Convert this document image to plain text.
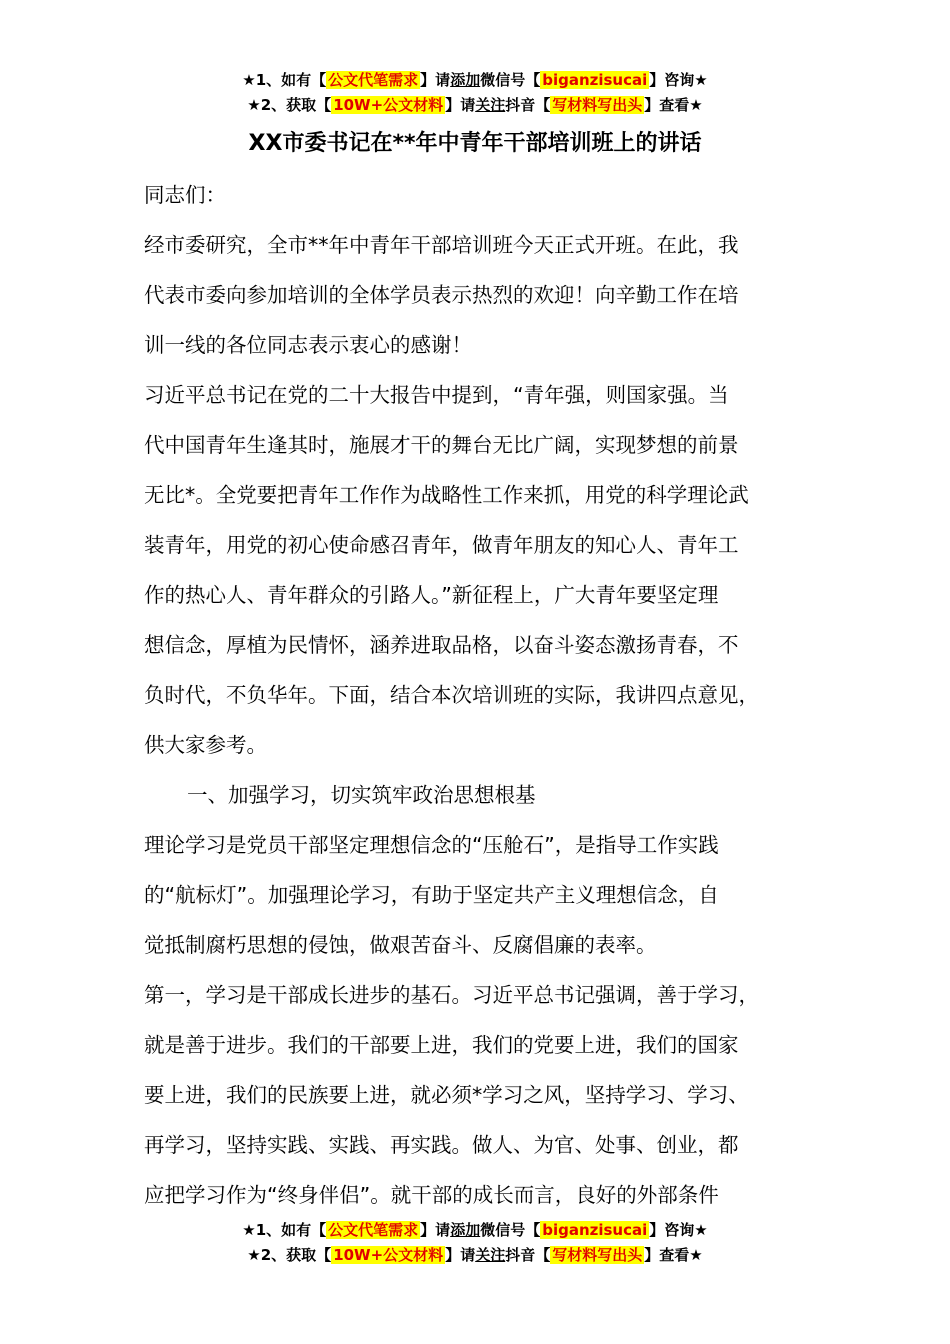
★1、如有【 公文代笔需求 】请添加微信号【 biganzisucai 】咨询★
★2、获取【 10W+公文材料 】请关注抖音【 写材料写出头 】查看★
XX市委书记在**年中青年干部培训班上的讲话

同志们：

经市委研究，全市**年中青年干部培训班今天正式开班。在此，我

代表市委向参加培训的全体学员表示热烈的欢迎！向辛勤工作在培

训一线的各位同志表示衷心的感谢！

习近平总书记在党的二十大报告中提到，“青年强，则国家强。当

代中国青年生逢其时，施展才干的舞台无比广阔，实现梦想的前景

无比*。全党要把青年工作作为战略性工作来抓，用党的科学理论武

装青年，用党的初心使命感召青年，做青年朋友的知心人、青年工

作的热心人、青年群众的引路人。”新征程上，广大青年要坚定理

想信念，厚植为民情怀，涵养进取品格，以奋斗姿态激扬青春，不

负时代，不负华年。下面，结合本次培训班的实际，我讲四点意见，

供大家参考。

一、加强学习，切实筑牢政治思想根基

理论学习是党员干部坚定理想信念的“压舱石”，是指导工作实践

的“航标灯”。加强理论学习，有助于坚定共产主义理想信念，自

觉抵制腐朽思想的侵蚀，做艰苦奋斗、反腐倡廉的表率。

第一，学习是干部成长进步的基石。习近平总书记强调，善于学习，

就是善于进步。我们的干部要上进，我们的党要上进，我们的国家

要上进，我们的民族要上进，就必须*学习之风，坚持学习、学习、

再学习，坚持实践、实践、再实践。做人、为官、处事、创业，都

应把学习作为“终身伴侣”。就干部的成长而言，良好的外部条件

★1、如有【 公文代笔需求 】请添加微信号【 biganzisucai 】咨询★
★2、获取【 10W+公文材料 】请关注抖音【 写材料写出头 】查看★
